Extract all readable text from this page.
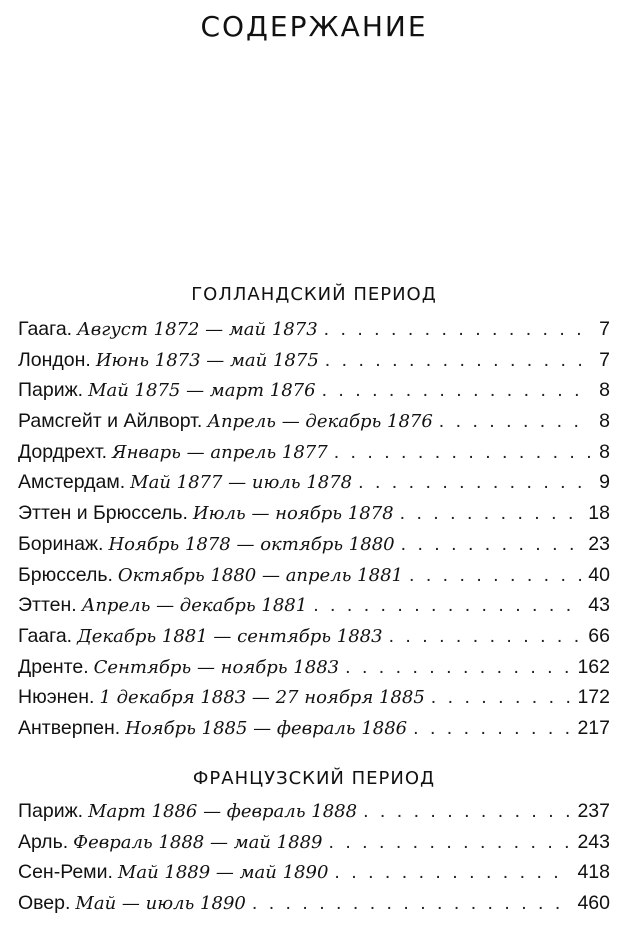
СОДЕРЖАНИЕ
ГОЛЛАНДСКИЙ ПЕРИОД
Гаага. Август 1872 — май 1873 . . .	7
Лондон. Июнь 1873 — май 1875 . . .	7
Париж. Май 1875 — март 1876 . . .	8
Рамсгейт и Айлворт. Апрель — декабрь 1876 . . .	8
Дордрехт. Январь — апрель 1877 . . .	8
Амстердам. Май 1877 — июль 1878 . . .	9
Эттен и Брюссель. Июль — ноябрь 1878 . . .	18
Боринаж. Ноябрь 1878 — октябрь 1880 . . .	23
Брюссель. Октябрь 1880 — апрель 1881 . . .	40
Эттен. Апрель — декабрь 1881 . . .	43
Гаага. Декабрь 1881 — сентябрь 1883 . . .	66
Дренте. Сентябрь — ноябрь 1883 . . .	162
Нюэнен. 1 декабря 1883 — 27 ноября 1885 . . .	172
Антверпен. Ноябрь 1885 — февраль 1886 . . .	217
ФРАНЦУЗСКИЙ ПЕРИОД
Париж. Март 1886 — февраль 1888 . . .	237
Арль. Февраль 1888 — май 1889 . . .	243
Сен-Реми. Май 1889 — май 1890 . . .	418
Овер. Май — июль 1890 . . .	460
